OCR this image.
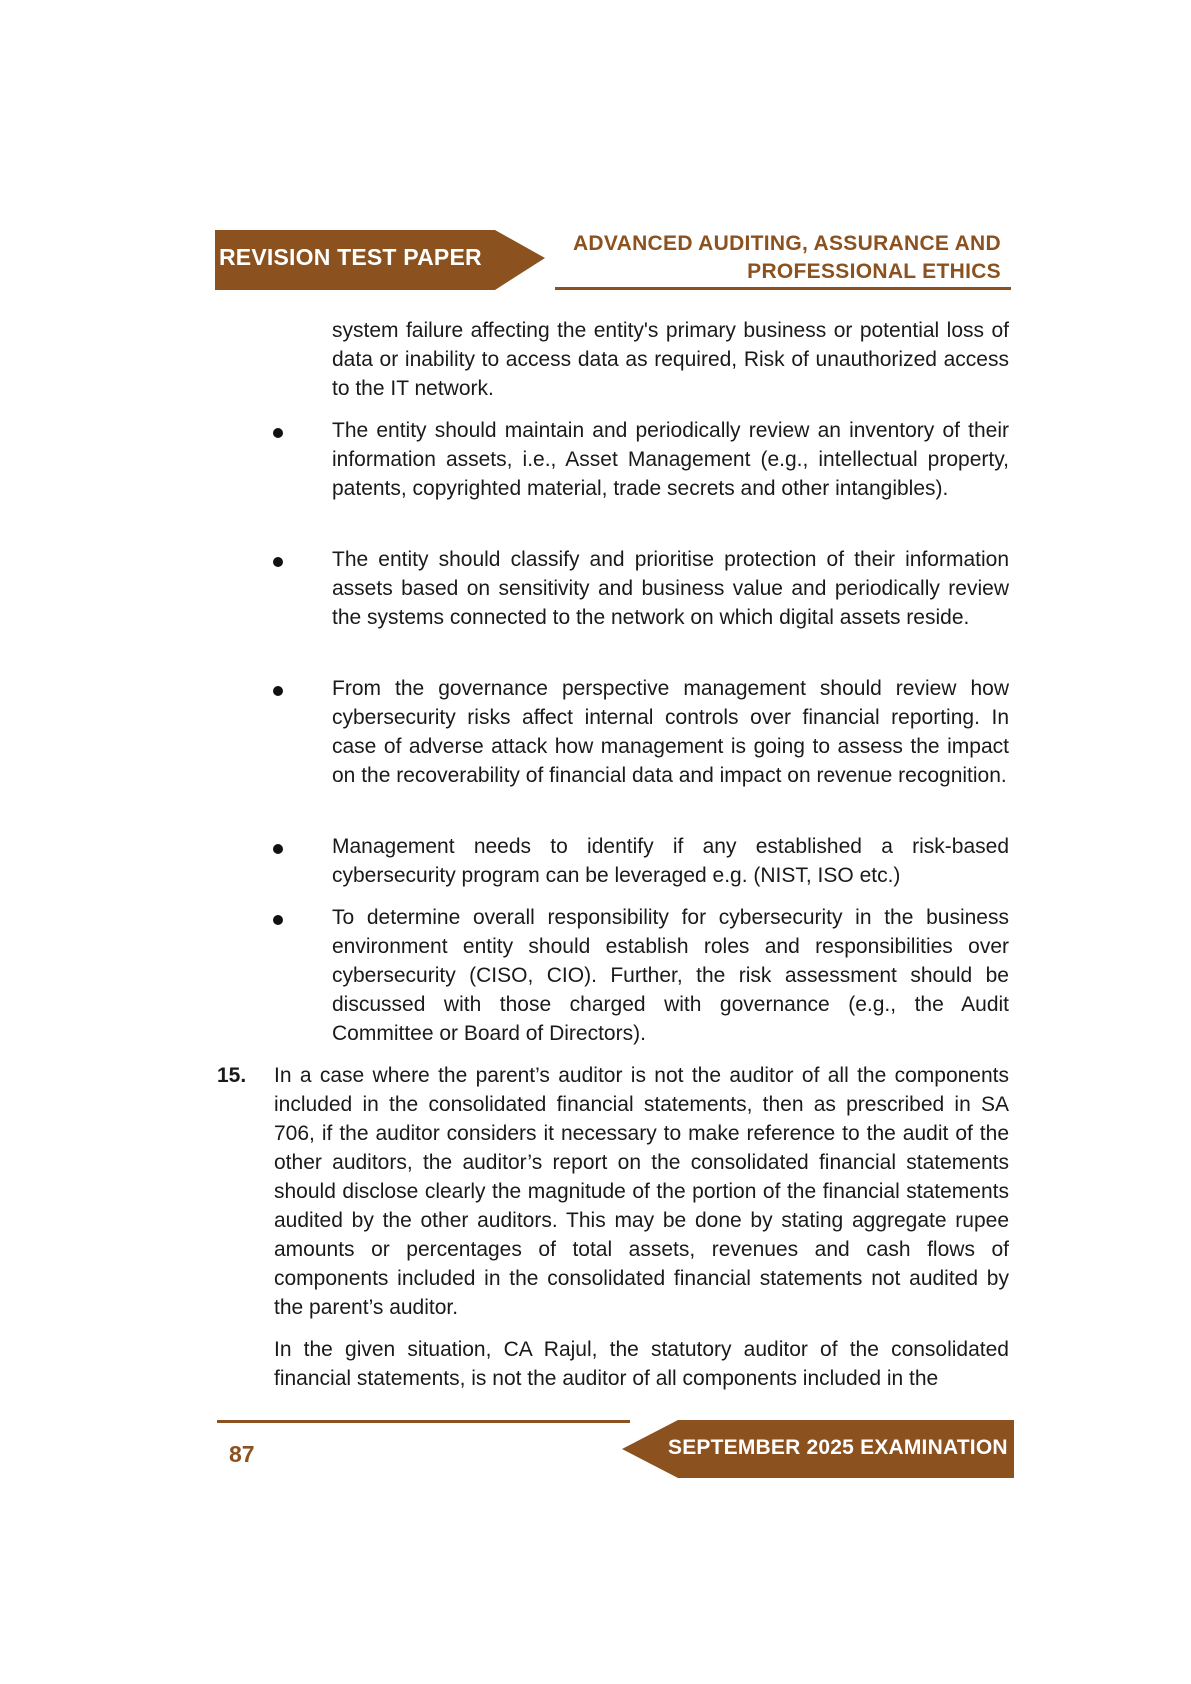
REVISION TEST PAPER
ADVANCED AUDITING, ASSURANCE AND
PROFESSIONAL ETHICS

system failure affecting the entity's primary business or potential loss of data or inability to access data as required, Risk of unauthorized access to the IT network.

The entity should maintain and periodically review an inventory of their information assets, i.e., Asset Management (e.g., intellectual property, patents, copyrighted material, trade secrets and other intangibles).

The entity should classify and prioritise protection of their information assets based on sensitivity and business value and periodically review the systems connected to the network on which digital assets reside.

From the governance perspective management should review how cybersecurity risks affect internal controls over financial reporting. In case of adverse attack how management is going to assess the impact on the recoverability of financial data and impact on revenue recognition.

Management needs to identify if any established a risk-based cybersecurity program can be leveraged e.g. (NIST, ISO etc.)

To determine overall responsibility for cybersecurity in the business environment entity should establish roles and responsibilities over cybersecurity (CISO, CIO). Further, the risk assessment should be discussed with those charged with governance (e.g., the Audit Committee or Board of Directors).

15. In a case where the parent’s auditor is not the auditor of all the components included in the consolidated financial statements, then as prescribed in SA 706, if the auditor considers it necessary to make reference to the audit of the other auditors, the auditor’s report on the consolidated financial statements should disclose clearly the magnitude of the portion of the financial statements audited by the other auditors. This may be done by stating aggregate rupee amounts or percentages of total assets, revenues and cash flows of components included in the consolidated financial statements not audited by the parent’s auditor.

In the given situation, CA Rajul, the statutory auditor of the consolidated financial statements, is not the auditor of all components included in the

87	SEPTEMBER 2025 EXAMINATION
